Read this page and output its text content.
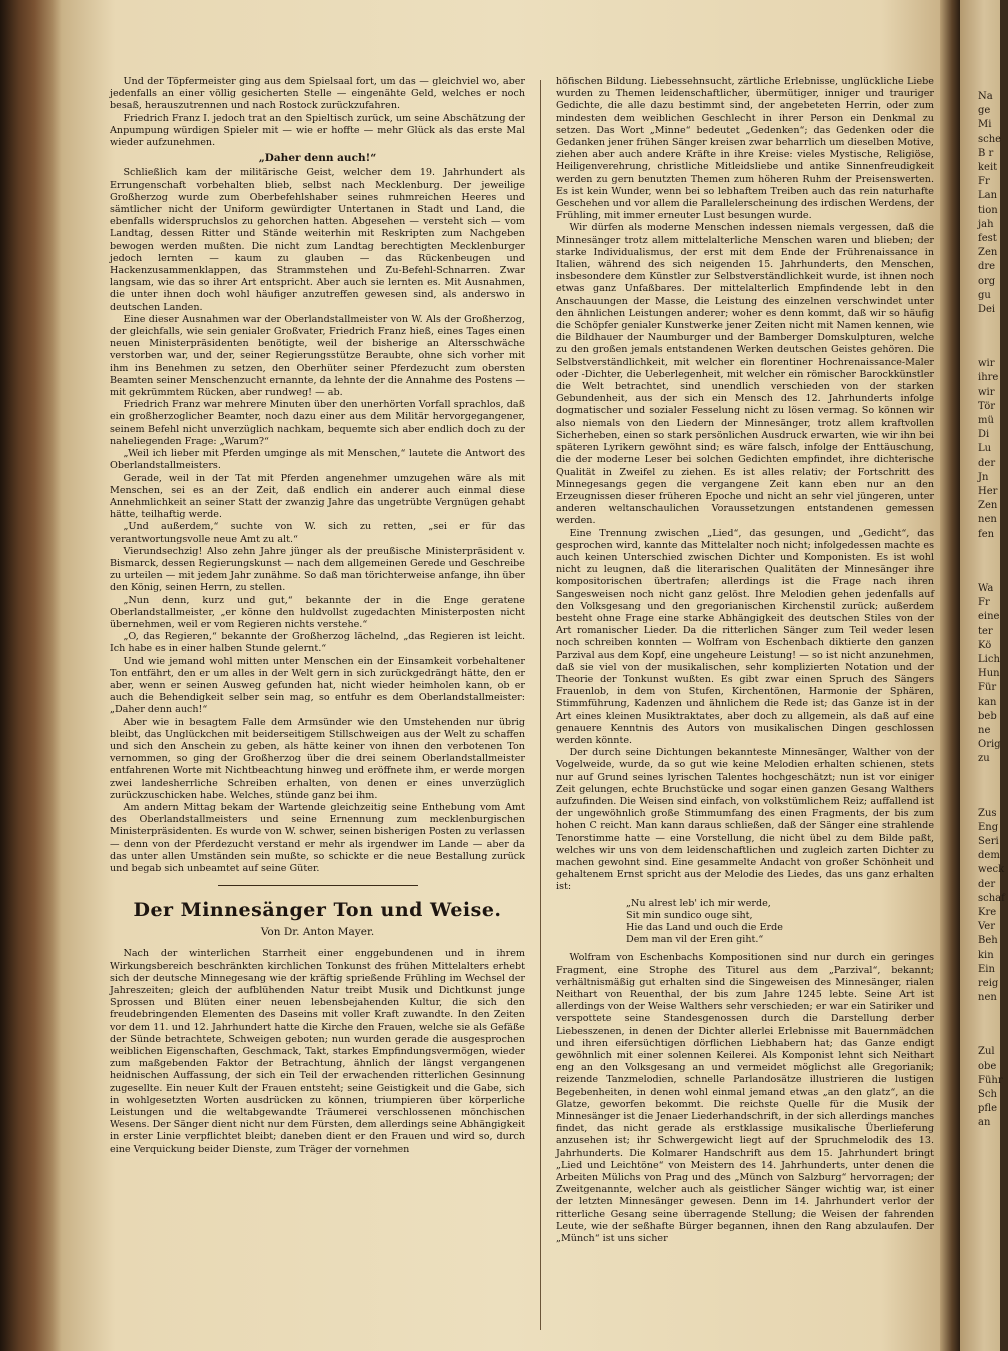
Na
ge
Mi
sche
B r
keit
Fr
Lan
tion
jah
fest
Zen
dre
org
gu
Dei
wir
ihre
wir
Tör
mü
Di
Lu
der
Jn
Her
Zen
nen
fen
Wa
Fr
eine
ter
Kö
Lich
Hun
Für
kan
beb
ne
Orig
zu
Zus
Eng
Seri
dem
weck
der
schaf
Kre
Ver
Beh
kin
Ein
reig
nen
Zul
obe
Führ
Sch
pfle
an

Und der Töpfermeister ging aus dem Spielsaal fort, um das — gleichviel wo, aber jedenfalls an einer völlig gesicherten Stelle — eingenähte Geld, welches er noch besaß, herauszutrennen und nach Rostock zurückzufahren.

Friedrich Franz I. jedoch trat an den Spieltisch zurück, um seine Abschätzung der Anpumpung würdigen Spieler mit — wie er hoffte — mehr Glück als das erste Mal wieder aufzunehmen.

„Daher denn auch!“

Schließlich kam der militärische Geist, welcher dem 19. Jahrhundert als Errungenschaft vorbehalten blieb, selbst nach Mecklenburg. Der jeweilige Großherzog wurde zum Oberbefehlshaber seines ruhmreichen Heeres und sämtlicher nicht der Uniform gewürdigter Untertanen in Stadt und Land, die ebenfalls widerspruchslos zu gehorchen hatten. Abgesehen — versteht sich — vom Landtag, dessen Ritter und Stände weiterhin mit Reskripten zum Nachgeben bewogen werden mußten. Die nicht zum Landtag berechtigten Mecklenburger jedoch lernten — kaum zu glauben — das Rückenbeugen und Hackenzusammenklappen, das Strammstehen und Zu-Befehl-Schnarren. Zwar langsam, wie das so ihrer Art entspricht. Aber auch sie lernten es. Mit Ausnahmen, die unter ihnen doch wohl häufiger anzutreffen gewesen sind, als anderswo in deutschen Landen.

Eine dieser Ausnahmen war der Oberlandstallmeister von W. Als der Großherzog, der gleichfalls, wie sein genialer Großvater, Friedrich Franz hieß, eines Tages einen neuen Ministerpräsidenten benötigte, weil der bisherige an Altersschwäche verstorben war, und der, seiner Regierungsstütze Beraubte, ohne sich vorher mit ihm ins Benehmen zu setzen, den Oberhüter seiner Pferdezucht zum obersten Beamten seiner Menschenzucht ernannte, da lehnte der die Annahme des Postens — mit gekrümmtem Rücken, aber rundweg! — ab.

Friedrich Franz war mehrere Minuten über den unerhörten Vorfall sprachlos, daß ein großherzoglicher Beamter, noch dazu einer aus dem Militär hervorgegangener, seinem Befehl nicht unverzüglich nachkam, bequemte sich aber endlich doch zu der naheliegenden Frage: „Warum?“

„Weil ich lieber mit Pferden umginge als mit Menschen,“ lautete die Antwort des Oberlandstallmeisters.

Gerade, weil in der Tat mit Pferden angenehmer umzugehen wäre als mit Menschen, sei es an der Zeit, daß endlich ein anderer auch einmal diese Annehmlichkeit an seiner Statt der zwanzig Jahre das ungetrübte Vergnügen gehabt hätte, teilhaftig werde.

„Und außerdem,“ suchte von W. sich zu retten, „sei er für das verantwortungsvolle neue Amt zu alt.“

Vierundsechzig! Also zehn Jahre jünger als der preußische Ministerpräsident v. Bismarck, dessen Regierungskunst — nach dem allgemeinen Gerede und Geschreibe zu urteilen — mit jedem Jahr zunähme. So daß man törichterweise anfange, ihn über den König, seinen Herrn, zu stellen.

„Nun denn, kurz und gut,“ bekannte der in die Enge geratene Oberlandstallmeister, „er könne den huldvollst zugedachten Ministerposten nicht übernehmen, weil er vom Regieren nichts verstehe.“

„O, das Regieren,“ bekannte der Großherzog lächelnd, „das Regieren ist leicht. Ich habe es in einer halben Stunde gelernt.“

Und wie jemand wohl mitten unter Menschen ein der Einsamkeit vorbehaltener Ton entfährt, den er um alles in der Welt gern in sich zurückgedrängt hätte, den er aber, wenn er seinen Ausweg gefunden hat, nicht wieder heimholen kann, ob er auch die Behendigkeit selber sein mag, so entfuhr es dem Oberlandstallmeister: „Daher denn auch!“

Aber wie in besagtem Falle dem Armsünder wie den Umstehenden nur übrig bleibt, das Unglückchen mit beiderseitigem Stillschweigen aus der Welt zu schaffen und sich den Anschein zu geben, als hätte keiner von ihnen den verbotenen Ton vernommen, so ging der Großherzog über die drei seinem Oberlandstallmeister entfahrenen Worte mit Nichtbeachtung hinweg und eröffnete ihm, er werde morgen zwei landesherrliche Schreiben erhalten, von denen er eines unverzüglich zurückzuschicken habe. Welches, stünde ganz bei ihm.

Am andern Mittag bekam der Wartende gleichzeitig seine Enthebung vom Amt des Oberlandstallmeisters und seine Ernennung zum mecklenburgischen Ministerpräsidenten. Es wurde von W. schwer, seinen bisherigen Posten zu verlassen — denn von der Pferdezucht verstand er mehr als irgendwer im Lande — aber da das unter allen Umständen sein mußte, so schickte er die neue Bestallung zurück und begab sich unbeamtet auf seine Güter.

Der Minnesänger Ton und Weise.
Von Dr. Anton Mayer.

Nach der winterlichen Starrheit einer enggebundenen und in ihrem Wirkungsbereich beschränkten kirchlichen Tonkunst des frühen Mittelalters erhebt sich der deutsche Minnegesang wie der kräftig sprießende Frühling im Wechsel der Jahreszeiten; gleich der aufblühenden Natur treibt Musik und Dichtkunst junge Sprossen und Blüten einer neuen lebensbejahenden Kultur, die sich den freudebringenden Elementen des Daseins mit voller Kraft zuwandte. In den Zeiten vor dem 11. und 12. Jahrhundert hatte die Kirche den Frauen, welche sie als Gefäße der Sünde betrachtete, Schweigen geboten; nun wurden gerade die ausgesprochen weiblichen Eigenschaften, Geschmack, Takt, starkes Empfindungsvermögen, wieder zum maßgebenden Faktor der Betrachtung, ähnlich der längst vergangenen heidnischen Auffassung, der sich ein Teil der erwachenden ritterlichen Gesinnung zugesellte. Ein neuer Kult der Frauen entsteht; seine Geistigkeit und die Gabe, sich in wohlgesetzten Worten ausdrücken zu können, triumpieren über körperliche Leistungen und die weltabgewandte Träumerei verschlossenen mönchischen Wesens. Der Sänger dient nicht nur dem Fürsten, dem allerdings seine Abhängigkeit in erster Linie verpflichtet bleibt; daneben dient er den Frauen und wird so, durch eine Verquickung beider Dienste, zum Träger der vornehmen

höfischen Bildung. Liebessehnsucht, zärtliche Erlebnisse, unglückliche Liebe wurden zu Themen leidenschaftlicher, übermütiger, inniger und trauriger Gedichte, die alle dazu bestimmt sind, der angebeteten Herrin, oder zum mindesten dem weiblichen Geschlecht in ihrer Person ein Denkmal zu setzen. Das Wort „Minne“ bedeutet „Gedenken“; das Gedenken oder die Gedanken jener frühen Sänger kreisen zwar beharrlich um dieselben Motive, ziehen aber auch andere Kräfte in ihre Kreise: vieles Mystische, Religiöse, Heiligenverehrung, christliche Mitleidsliebe und antike Sinnenfreudigkeit werden zu gern benutzten Themen zum höheren Ruhm der Preisenswerten. Es ist kein Wunder, wenn bei so lebhaftem Treiben auch das rein naturhafte Geschehen und vor allem die Parallelerscheinung des irdischen Werdens, der Frühling, mit immer erneuter Lust besungen wurde.

Wir dürfen als moderne Menschen indessen niemals vergessen, daß die Minnesänger trotz allem mittelalterliche Menschen waren und blieben; der starke Individualismus, der erst mit dem Ende der Frührenaissance in Italien, während des sich neigenden 15. Jahrhunderts, den Menschen, insbesondere dem Künstler zur Selbstverständlichkeit wurde, ist ihnen noch etwas ganz Unfaßbares. Der mittelalterlich Empfindende lebt in den Anschauungen der Masse, die Leistung des einzelnen verschwindet unter den ähnlichen Leistungen anderer; woher es denn kommt, daß wir so häufig die Schöpfer genialer Kunstwerke jener Zeiten nicht mit Namen kennen, wie die Bildhauer der Naumburger und der Bamberger Domskulpturen, welche zu den großen jemals entstandenen Werken deutschen Geistes gehören. Die Selbstverständlichkeit, mit welcher ein florentiner Hochrenaissance-Maler oder -Dichter, die Ueberlegenheit, mit welcher ein römischer Barockkünstler die Welt betrachtet, sind unendlich verschieden von der starken Gebundenheit, aus der sich ein Mensch des 12. Jahrhunderts infolge dogmatischer und sozialer Fesselung nicht zu lösen vermag. So können wir also niemals von den Liedern der Minnesänger, trotz allem kraftvollen Sicherheben, einen so stark persönlichen Ausdruck erwarten, wie wir ihn bei späteren Lyrikern gewöhnt sind; es wäre falsch, infolge der Enttäuschung, die der moderne Leser bei solchen Gedichten empfindet, ihre dichterische Qualität in Zweifel zu ziehen. Es ist alles relativ; der Fortschritt des Minnegesangs gegen die vergangene Zeit kann eben nur an den Erzeugnissen dieser früheren Epoche und nicht an sehr viel jüngeren, unter anderen weltanschaulichen Voraussetzungen entstandenen gemessen werden.

Eine Trennung zwischen „Lied“, das gesungen, und „Gedicht“, das gesprochen wird, kannte das Mittelalter noch nicht; infolgedessen machte es auch keinen Unterschied zwischen Dichter und Komponisten. Es ist wohl nicht zu leugnen, daß die literarischen Qualitäten der Minnesänger ihre kompositorischen übertrafen; allerdings ist die Frage nach ihren Sangesweisen noch nicht ganz gelöst. Ihre Melodien gehen jedenfalls auf den Volksgesang und den gregorianischen Kirchenstil zurück; außerdem besteht ohne Frage eine starke Abhängigkeit des deutschen Stiles von der Art romanischer Lieder. Da die ritterlichen Sänger zum Teil weder lesen noch schreiben konnten — Wolfram von Eschenbach diktierte den ganzen Parzival aus dem Kopf, eine ungeheure Leistung! — so ist nicht anzunehmen, daß sie viel von der musikalischen, sehr komplizierten Notation und der Theorie der Tonkunst wußten. Es gibt zwar einen Spruch des Sängers Frauenlob, in dem von Stufen, Kirchentönen, Harmonie der Sphären, Stimmführung, Kadenzen und ähnlichem die Rede ist; das Ganze ist in der Art eines kleinen Musiktraktates, aber doch zu allgemein, als daß auf eine genauere Kenntnis des Autors von musikalischen Dingen geschlossen werden könnte.

Der durch seine Dichtungen bekannteste Minnesänger, Walther von der Vogelweide, wurde, da so gut wie keine Melodien erhalten schienen, stets nur auf Grund seines lyrischen Talentes hochgeschätzt; nun ist vor einiger Zeit gelungen, echte Bruchstücke und sogar einen ganzen Gesang Walthers aufzufinden. Die Weisen sind einfach, von volkstümlichem Reiz; auffallend ist der ungewöhnlich große Stimmumfang des einen Fragments, der bis zum hohen C reicht. Man kann daraus schließen, daß der Sänger eine strahlende Tenorstimme hatte — eine Vorstellung, die nicht übel zu dem Bilde paßt, welches wir uns von dem leidenschaftlichen und zugleich zarten Dichter zu machen gewohnt sind. Eine gesammelte Andacht von großer Schönheit und gehaltenem Ernst spricht aus der Melodie des Liedes, das uns ganz erhalten ist:

„Nu alrest leb' ich mir werde,
Sit min sundico ouge siht,
Hie das Land und ouch die Erde
Dem man vil der Eren giht.“

Wolfram von Eschenbachs Kompositionen sind nur durch ein geringes Fragment, eine Strophe des Titurel aus dem „Parzival“, bekannt; verhältnismäßig gut erhalten sind die Singeweisen des Minnesänger, rialen Neithart von Reuenthal, der bis zum Jahre 1245 lebte. Seine Art ist allerdings von der Weise Walthers sehr verschieden; er war ein Satiriker und verspottete seine Standesgenossen durch die Darstellung derber Liebesszenen, in denen der Dichter allerlei Erlebnisse mit Bauernmädchen und ihren eifersüchtigen dörflichen Liebhabern hat; das Ganze endigt gewöhnlich mit einer solennen Keilerei. Als Komponist lehnt sich Neithart eng an den Volksgesang an und vermeidet möglichst alle Gregorianik; reizende Tanzmelodien, schnelle Parlandosätze illustrieren die lustigen Begebenheiten, in denen wohl einmal jemand etwas „an den glatz“, an die Glatze, geworfen bekommt. Die reichste Quelle für die Musik der Minnesänger ist die Jenaer Liederhandschrift, in der sich allerdings manches findet, das nicht gerade als erstklassige musikalische Überlieferung anzusehen ist; ihr Schwergewicht liegt auf der Spruchmelodik des 13. Jahrhunderts. Die Kolmarer Handschrift aus dem 15. Jahrhundert bringt „Lied und Leichtöne“ von Meistern des 14. Jahrhunderts, unter denen die Arbeiten Mülichs von Prag und des „Münch von Salzburg“ hervorragen; der Zweitgenannte, welcher auch als geistlicher Sänger wichtig war, ist einer der letzten Minnesänger gewesen. Denn im 14. Jahrhundert verlor der ritterliche Gesang seine überragende Stellung; die Weisen der fahrenden Leute, wie der seßhafte Bürger begannen, ihnen den Rang abzulaufen. Der „Münch“ ist uns sicher
